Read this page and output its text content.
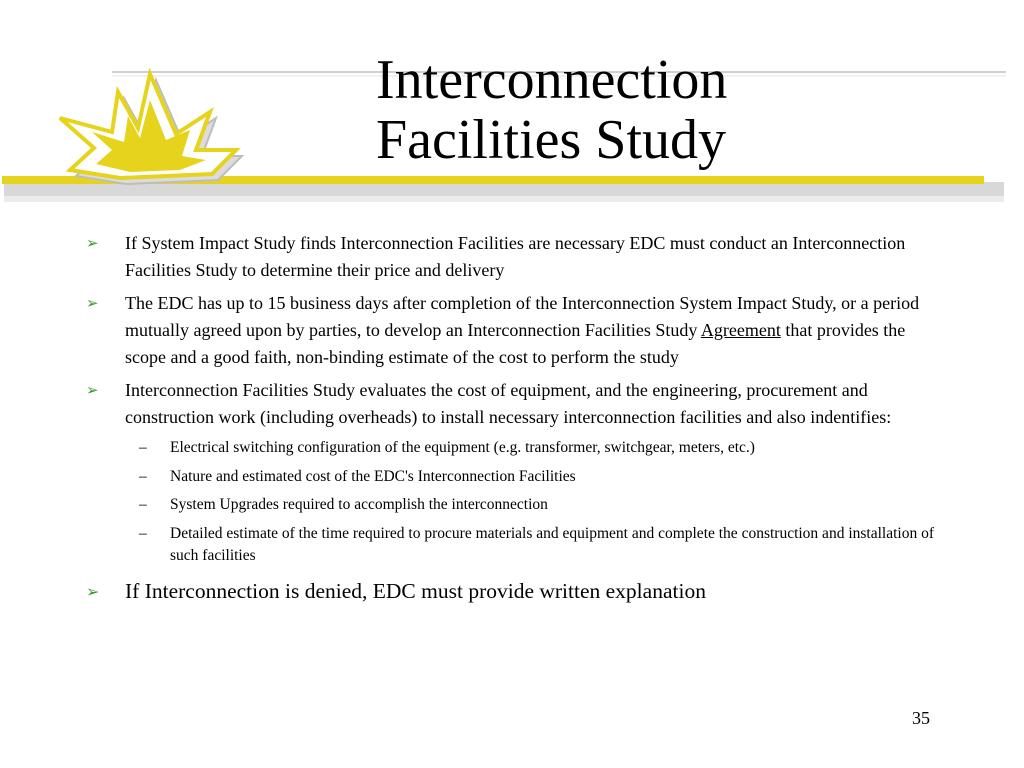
Interconnection
Facilities Study
➢ If System Impact Study finds Interconnection Facilities are necessary EDC must conduct an Interconnection Facilities Study to determine their price and delivery
➢ The EDC has up to 15 business days after completion of the Interconnection System Impact Study, or a period mutually agreed upon by parties, to develop an Interconnection Facilities Study Agreement that provides the scope and a good faith, non-binding estimate of the cost to perform the study
➢ Interconnection Facilities Study evaluates the cost of equipment, and the engineering, procurement and construction work (including overheads) to install necessary interconnection facilities and also indentifies:
– Electrical switching configuration of the equipment (e.g. transformer, switchgear, meters, etc.)
– Nature and estimated cost of the EDC's Interconnection Facilities
– System Upgrades required to accomplish the interconnection
– Detailed estimate of the time required to procure materials and equipment and complete the construction and installation of such facilities
➢ If Interconnection is denied, EDC must provide written explanation
35
